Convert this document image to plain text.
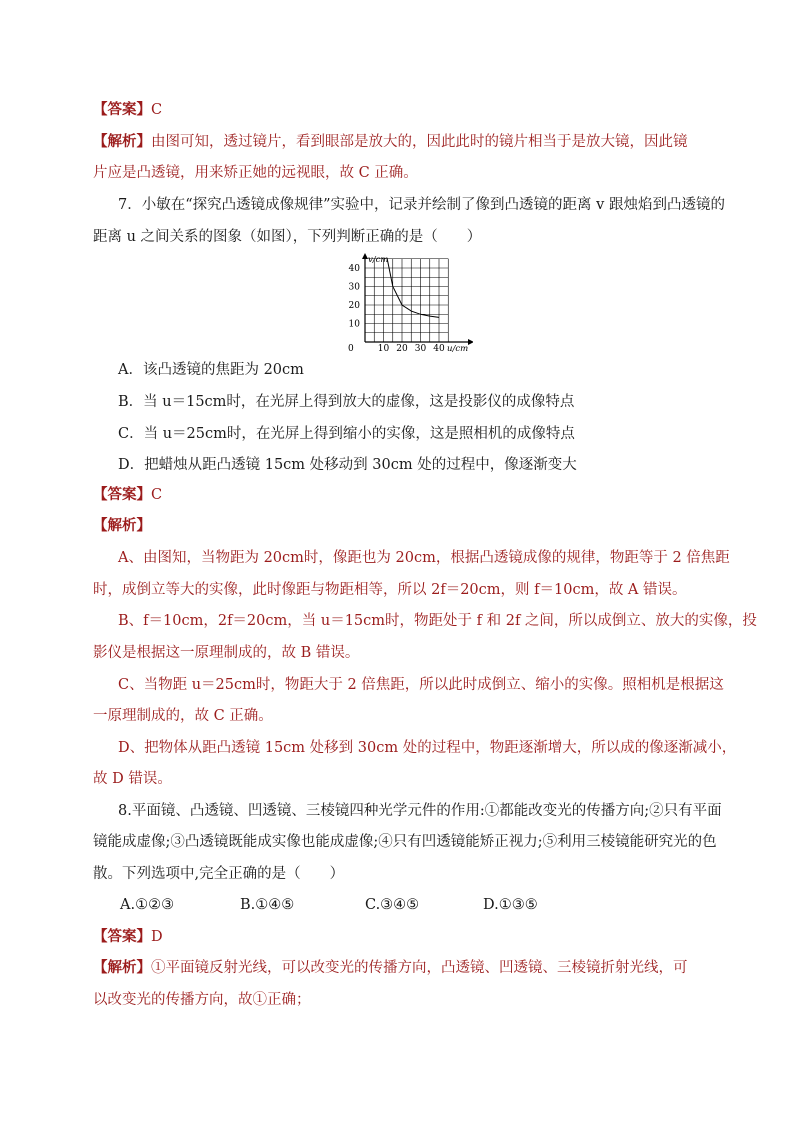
【答案】C
【解析】由图可知，透过镜片，看到眼部是放大的，因此此时的镜片相当于是放大镜，因此镜
片应是凸透镜，用来矫正她的远视眼，故 C 正确。
7．小敏在“探究凸透镜成像规律”实验中，记录并绘制了像到凸透镜的距离 v 跟烛焰到凸透镜的
距离 u 之间关系的图象（如图），下列判断正确的是（　　）
v/cm
u/cm
0	10 20 30 40
10
20
30
40
A．该凸透镜的焦距为 20cm
B．当 u＝15cm时，在光屏上得到放大的虚像，这是投影仪的成像特点
C．当 u＝25cm时，在光屏上得到缩小的实像，这是照相机的成像特点
D．把蜡烛从距凸透镜 15cm 处移动到 30cm 处的过程中，像逐渐变大
【答案】C
【解析】
A、由图知，当物距为 20cm时，像距也为 20cm，根据凸透镜成像的规律，物距等于 2 倍焦距
时，成倒立等大的实像，此时像距与物距相等，所以 2f＝20cm，则 f＝10cm，故 A 错误。
B、f＝10cm，2f＝20cm，当 u＝15cm时，物距处于 f 和 2f 之间，所以成倒立、放大的实像，投
影仪是根据这一原理制成的，故 B 错误。
C、当物距 u＝25cm时，物距大于 2 倍焦距，所以此时成倒立、缩小的实像。照相机是根据这
一原理制成的，故 C 正确。
D、把物体从距凸透镜 15cm 处移到 30cm 处的过程中，物距逐渐增大，所以成的像逐渐减小，
故 D 错误。
8.平面镜、凸透镜、凹透镜、三棱镜四种光学元件的作用:①都能改变光的传播方向;②只有平面
镜能成虚像;③凸透镜既能成实像也能成虚像;④只有凹透镜能矫正视力;⑤利用三棱镜能研究光的色
散。下列选项中,完全正确的是（　　）
A.①②③	B.①④⑤	C.③④⑤	D.①③⑤
【答案】D
【解析】①平面镜反射光线，可以改变光的传播方向，凸透镜、凹透镜、三棱镜折射光线，可
以改变光的传播方向，故①正确；
